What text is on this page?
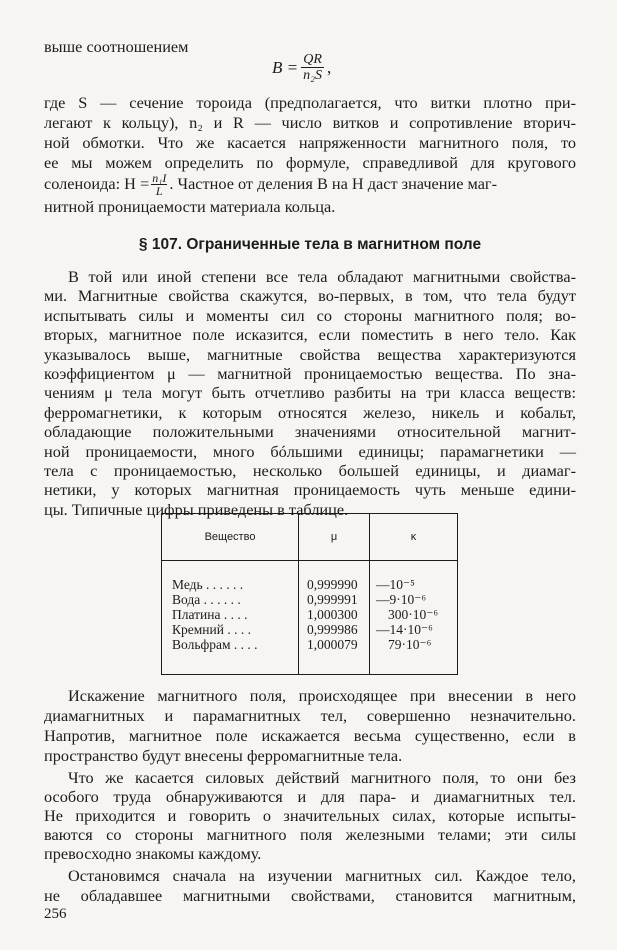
выше соотношением
$B = \frac{QR}{\text{n₂S}}$ ,
где S — сечение тороида (предполагается, что витки плотно при-
легают к кольцу), n₂ и R — число витков и сопротивление вторич-
ной обмотки. Что же касается напряженности магнитного поля, то
ее мы можем определить по формуле, справедливой для кругового
соленоида: $H = \frac{\text{n₁I}}{L}$ . Частное от деления B на H даст значение маг-
нитной проницаемости материала кольца.
§ 107. Ограниченные тела в магнитном поле
В той или иной степени все тела обладают магнитными свойства-
ми. Магнитные свойства скажутся, во-первых, в том, что тела будут
испытывать силы и моменты сил со стороны магнитного поля; во-
вторых, магнитное поле исказится, если поместить в него тело. Как
указывалось выше, магнитные свойства вещества характеризуются
коэффициентом μ — магнитной проницаемостью вещества. По зна-
чениям μ тела могут быть отчетливо разбиты на три класса веществ:
ферромагнетики, к которым относятся железо, никель и кобальт,
обладающие положительными значениями относительной магнит-
ной проницаемости, много бóльшими единицы; парамагнетики —
тела с проницаемостью, несколько большей единицы, и диамаг-
нетики, у которых магнитная проницаемость чуть меньше едини-
Вещество
Медь . . . . . .
Вода . . . . . .
Платина . . . .
Кремний . . . .
Вольфрам . . . .
μ
0,999990
0,999991
1,000300
0,999986
1,000079
κ
—10⁻⁵
—9·10⁻⁶
300·10⁻⁶
—14·10⁻⁶
79·10⁻⁶
Искажение магнитного поля, происходящее при внесении в него
диамагнитных и парамагнитных тел, совершенно незначительно.
Напротив, магнитное поле искажается весьма существенно, если в
пространство будут внесены ферромагнитные тела.
Что же касается силовых действий магнитного поля, то они без
особого труда обнаруживаются и для пара- и диамагнитных тел.
Не приходится и говорить о значительных силах, которые испыты-
ваются со стороны магнитного поля железными телами; эти силы
Остановимся сначала на изучении магнитных сил. Каждое тело,
не обладавшее магнитными свойствами, становится магнитным,
256
цы. Типичные цифры приведены в таблице.
превосходно знакомы каждому.
